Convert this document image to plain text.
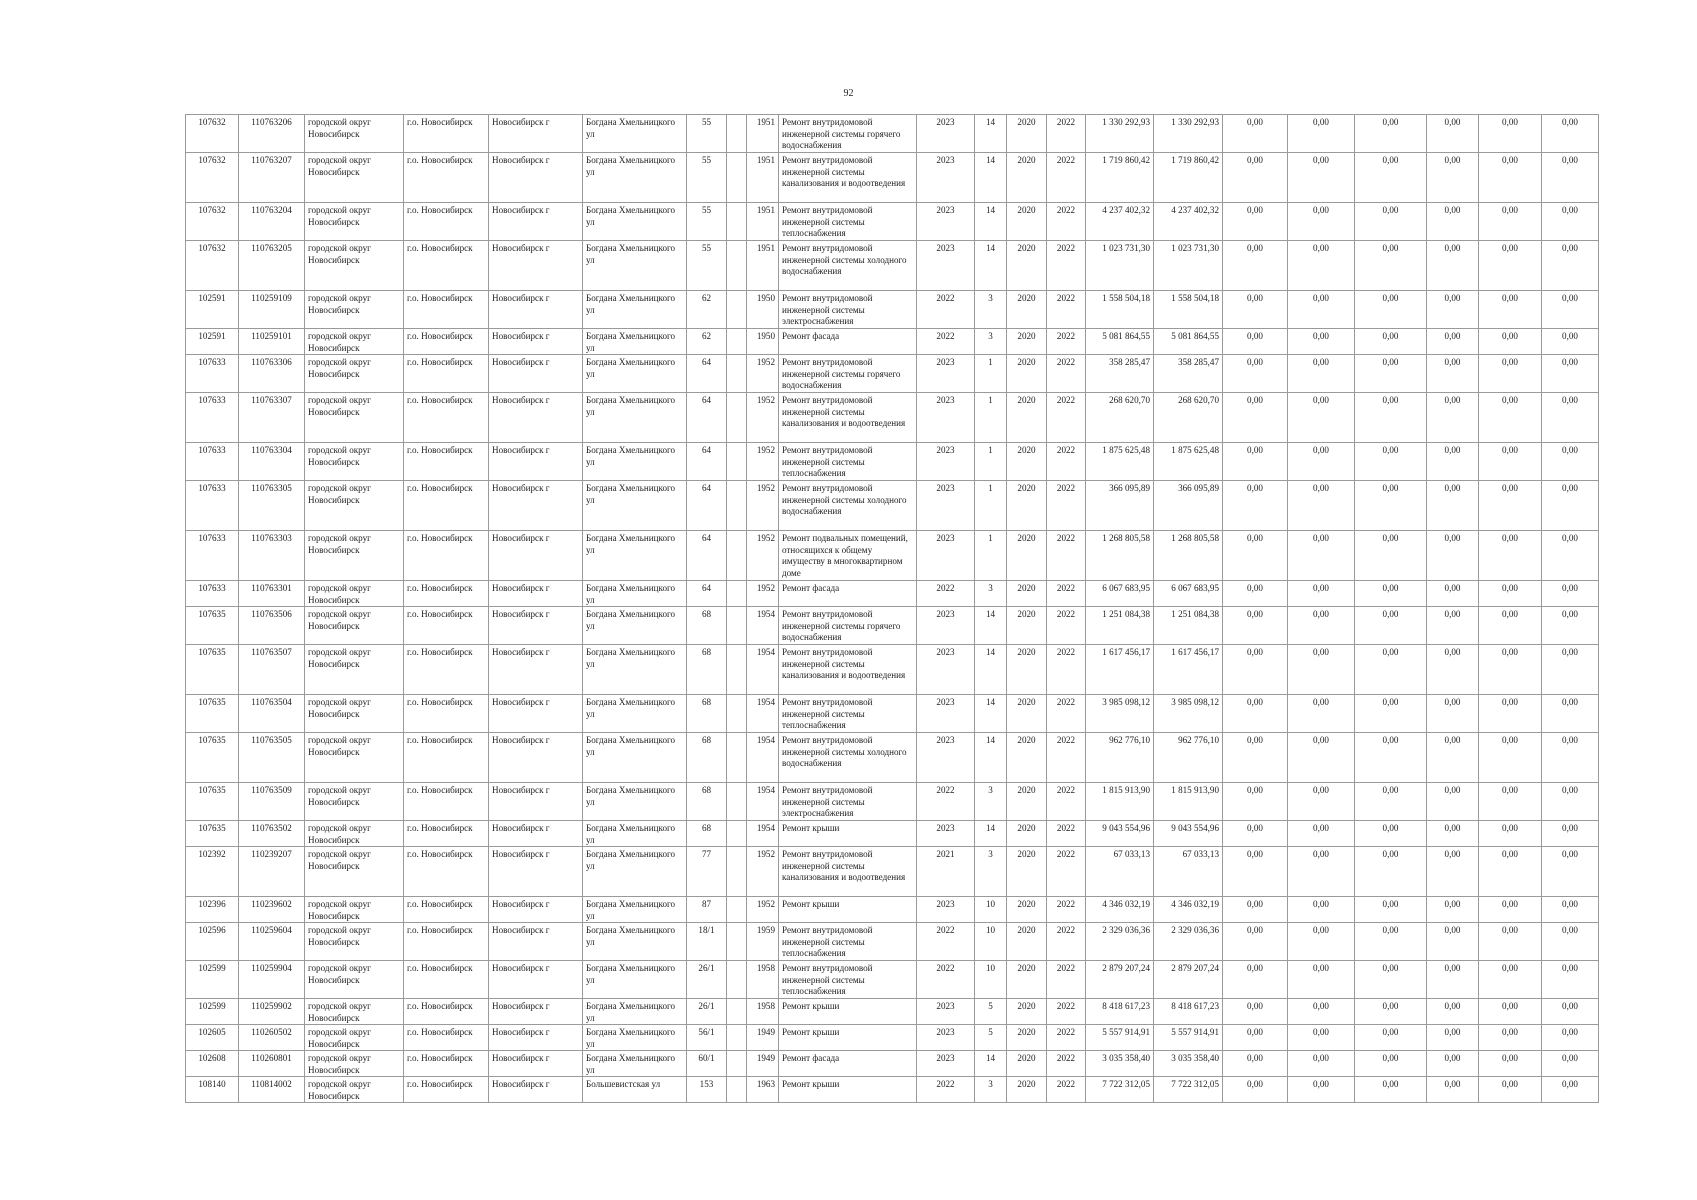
92
107632	110763206	городской округ Новосибирск	г.о. Новосибирск	Новосибирск г	Богдана Хмельницкого ул	55		1951	Ремонт внутридомовой инженерной системы горячего водоснабжения	2023	14	2020	2022	1 330 292,93	1 330 292,93	0,00	0,00	0,00	0,00	0,00	0,00
107632	110763207	городской округ Новосибирск	г.о. Новосибирск	Новосибирск г	Богдана Хмельницкого ул	55		1951	Ремонт внутридомовой инженерной системы канализования и водоотведения	2023	14	2020	2022	1 719 860,42	1 719 860,42	0,00	0,00	0,00	0,00	0,00	0,00
107632	110763204	городской округ Новосибирск	г.о. Новосибирск	Новосибирск г	Богдана Хмельницкого ул	55		1951	Ремонт внутридомовой инженерной системы теплоснабжения	2023	14	2020	2022	4 237 402,32	4 237 402,32	0,00	0,00	0,00	0,00	0,00	0,00
107632	110763205	городской округ Новосибирск	г.о. Новосибирск	Новосибирск г	Богдана Хмельницкого ул	55		1951	Ремонт внутридомовой инженерной системы холодного водоснабжения	2023	14	2020	2022	1 023 731,30	1 023 731,30	0,00	0,00	0,00	0,00	0,00	0,00
102591	110259109	городской округ Новосибирск	г.о. Новосибирск	Новосибирск г	Богдана Хмельницкого ул	62		1950	Ремонт внутридомовой инженерной системы электроснабжения	2022	3	2020	2022	1 558 504,18	1 558 504,18	0,00	0,00	0,00	0,00	0,00	0,00
102591	110259101	городской округ Новосибирск	г.о. Новосибирск	Новосибирск г	Богдана Хмельницкого ул	62		1950	Ремонт фасада	2022	3	2020	2022	5 081 864,55	5 081 864,55	0,00	0,00	0,00	0,00	0,00	0,00
107633	110763306	городской округ Новосибирск	г.о. Новосибирск	Новосибирск г	Богдана Хмельницкого ул	64		1952	Ремонт внутридомовой инженерной системы горячего водоснабжения	2023	1	2020	2022	358 285,47	358 285,47	0,00	0,00	0,00	0,00	0,00	0,00
107633	110763307	городской округ Новосибирск	г.о. Новосибирск	Новосибирск г	Богдана Хмельницкого ул	64		1952	Ремонт внутридомовой инженерной системы канализования и водоотведения	2023	1	2020	2022	268 620,70	268 620,70	0,00	0,00	0,00	0,00	0,00	0,00
107633	110763304	городской округ Новосибирск	г.о. Новосибирск	Новосибирск г	Богдана Хмельницкого ул	64		1952	Ремонт внутридомовой инженерной системы теплоснабжения	2023	1	2020	2022	1 875 625,48	1 875 625,48	0,00	0,00	0,00	0,00	0,00	0,00
107633	110763305	городской округ Новосибирск	г.о. Новосибирск	Новосибирск г	Богдана Хмельницкого ул	64		1952	Ремонт внутридомовой инженерной системы холодного водоснабжения	2023	1	2020	2022	366 095,89	366 095,89	0,00	0,00	0,00	0,00	0,00	0,00
107633	110763303	городской округ Новосибирск	г.о. Новосибирск	Новосибирск г	Богдана Хмельницкого ул	64		1952	Ремонт подвальных помещений, относящихся к общему имуществу в многоквартирном доме	2023	1	2020	2022	1 268 805,58	1 268 805,58	0,00	0,00	0,00	0,00	0,00	0,00
107633	110763301	городской округ Новосибирск	г.о. Новосибирск	Новосибирск г	Богдана Хмельницкого ул	64		1952	Ремонт фасада	2022	3	2020	2022	6 067 683,95	6 067 683,95	0,00	0,00	0,00	0,00	0,00	0,00
107635	110763506	городской округ Новосибирск	г.о. Новосибирск	Новосибирск г	Богдана Хмельницкого ул	68		1954	Ремонт внутридомовой инженерной системы горячего водоснабжения	2023	14	2020	2022	1 251 084,38	1 251 084,38	0,00	0,00	0,00	0,00	0,00	0,00
107635	110763507	городской округ Новосибирск	г.о. Новосибирск	Новосибирск г	Богдана Хмельницкого ул	68		1954	Ремонт внутридомовой инженерной системы канализования и водоотведения	2023	14	2020	2022	1 617 456,17	1 617 456,17	0,00	0,00	0,00	0,00	0,00	0,00
107635	110763504	городской округ Новосибирск	г.о. Новосибирск	Новосибирск г	Богдана Хмельницкого ул	68		1954	Ремонт внутридомовой инженерной системы теплоснабжения	2023	14	2020	2022	3 985 098,12	3 985 098,12	0,00	0,00	0,00	0,00	0,00	0,00
107635	110763505	городской округ Новосибирск	г.о. Новосибирск	Новосибирск г	Богдана Хмельницкого ул	68		1954	Ремонт внутридомовой инженерной системы холодного водоснабжения	2023	14	2020	2022	962 776,10	962 776,10	0,00	0,00	0,00	0,00	0,00	0,00
107635	110763509	городской округ Новосибирск	г.о. Новосибирск	Новосибирск г	Богдана Хмельницкого ул	68		1954	Ремонт внутридомовой инженерной системы электроснабжения	2022	3	2020	2022	1 815 913,90	1 815 913,90	0,00	0,00	0,00	0,00	0,00	0,00
107635	110763502	городской округ Новосибирск	г.о. Новосибирск	Новосибирск г	Богдана Хмельницкого ул	68		1954	Ремонт крыши	2023	14	2020	2022	9 043 554,96	9 043 554,96	0,00	0,00	0,00	0,00	0,00	0,00
102392	110239207	городской округ Новосибирск	г.о. Новосибирск	Новосибирск г	Богдана Хмельницкого ул	77		1952	Ремонт внутридомовой инженерной системы канализования и водоотведения	2021	3	2020	2022	67 033,13	67 033,13	0,00	0,00	0,00	0,00	0,00	0,00
102396	110239602	городской округ Новосибирск	г.о. Новосибирск	Новосибирск г	Богдана Хмельницкого ул	87		1952	Ремонт крыши	2023	10	2020	2022	4 346 032,19	4 346 032,19	0,00	0,00	0,00	0,00	0,00	0,00
102596	110259604	городской округ Новосибирск	г.о. Новосибирск	Новосибирск г	Богдана Хмельницкого ул	18/1		1959	Ремонт внутридомовой инженерной системы теплоснабжения	2022	10	2020	2022	2 329 036,36	2 329 036,36	0,00	0,00	0,00	0,00	0,00	0,00
102599	110259904	городской округ Новосибирск	г.о. Новосибирск	Новосибирск г	Богдана Хмельницкого ул	26/1		1958	Ремонт внутридомовой инженерной системы теплоснабжения	2022	10	2020	2022	2 879 207,24	2 879 207,24	0,00	0,00	0,00	0,00	0,00	0,00
102599	110259902	городской округ Новосибирск	г.о. Новосибирск	Новосибирск г	Богдана Хмельницкого ул	26/1		1958	Ремонт крыши	2023	5	2020	2022	8 418 617,23	8 418 617,23	0,00	0,00	0,00	0,00	0,00	0,00
102605	110260502	городской округ Новосибирск	г.о. Новосибирск	Новосибирск г	Богдана Хмельницкого ул	56/1		1949	Ремонт крыши	2023	5	2020	2022	5 557 914,91	5 557 914,91	0,00	0,00	0,00	0,00	0,00	0,00
102608	110260801	городской округ Новосибирск	г.о. Новосибирск	Новосибирск г	Богдана Хмельницкого ул	60/1		1949	Ремонт фасада	2023	14	2020	2022	3 035 358,40	3 035 358,40	0,00	0,00	0,00	0,00	0,00	0,00
108140	110814002	городской округ Новосибирск	г.о. Новосибирск	Новосибирск г	Большевистская ул	153		1963	Ремонт крыши	2022	3	2020	2022	7 722 312,05	7 722 312,05	0,00	0,00	0,00	0,00	0,00	0,00
